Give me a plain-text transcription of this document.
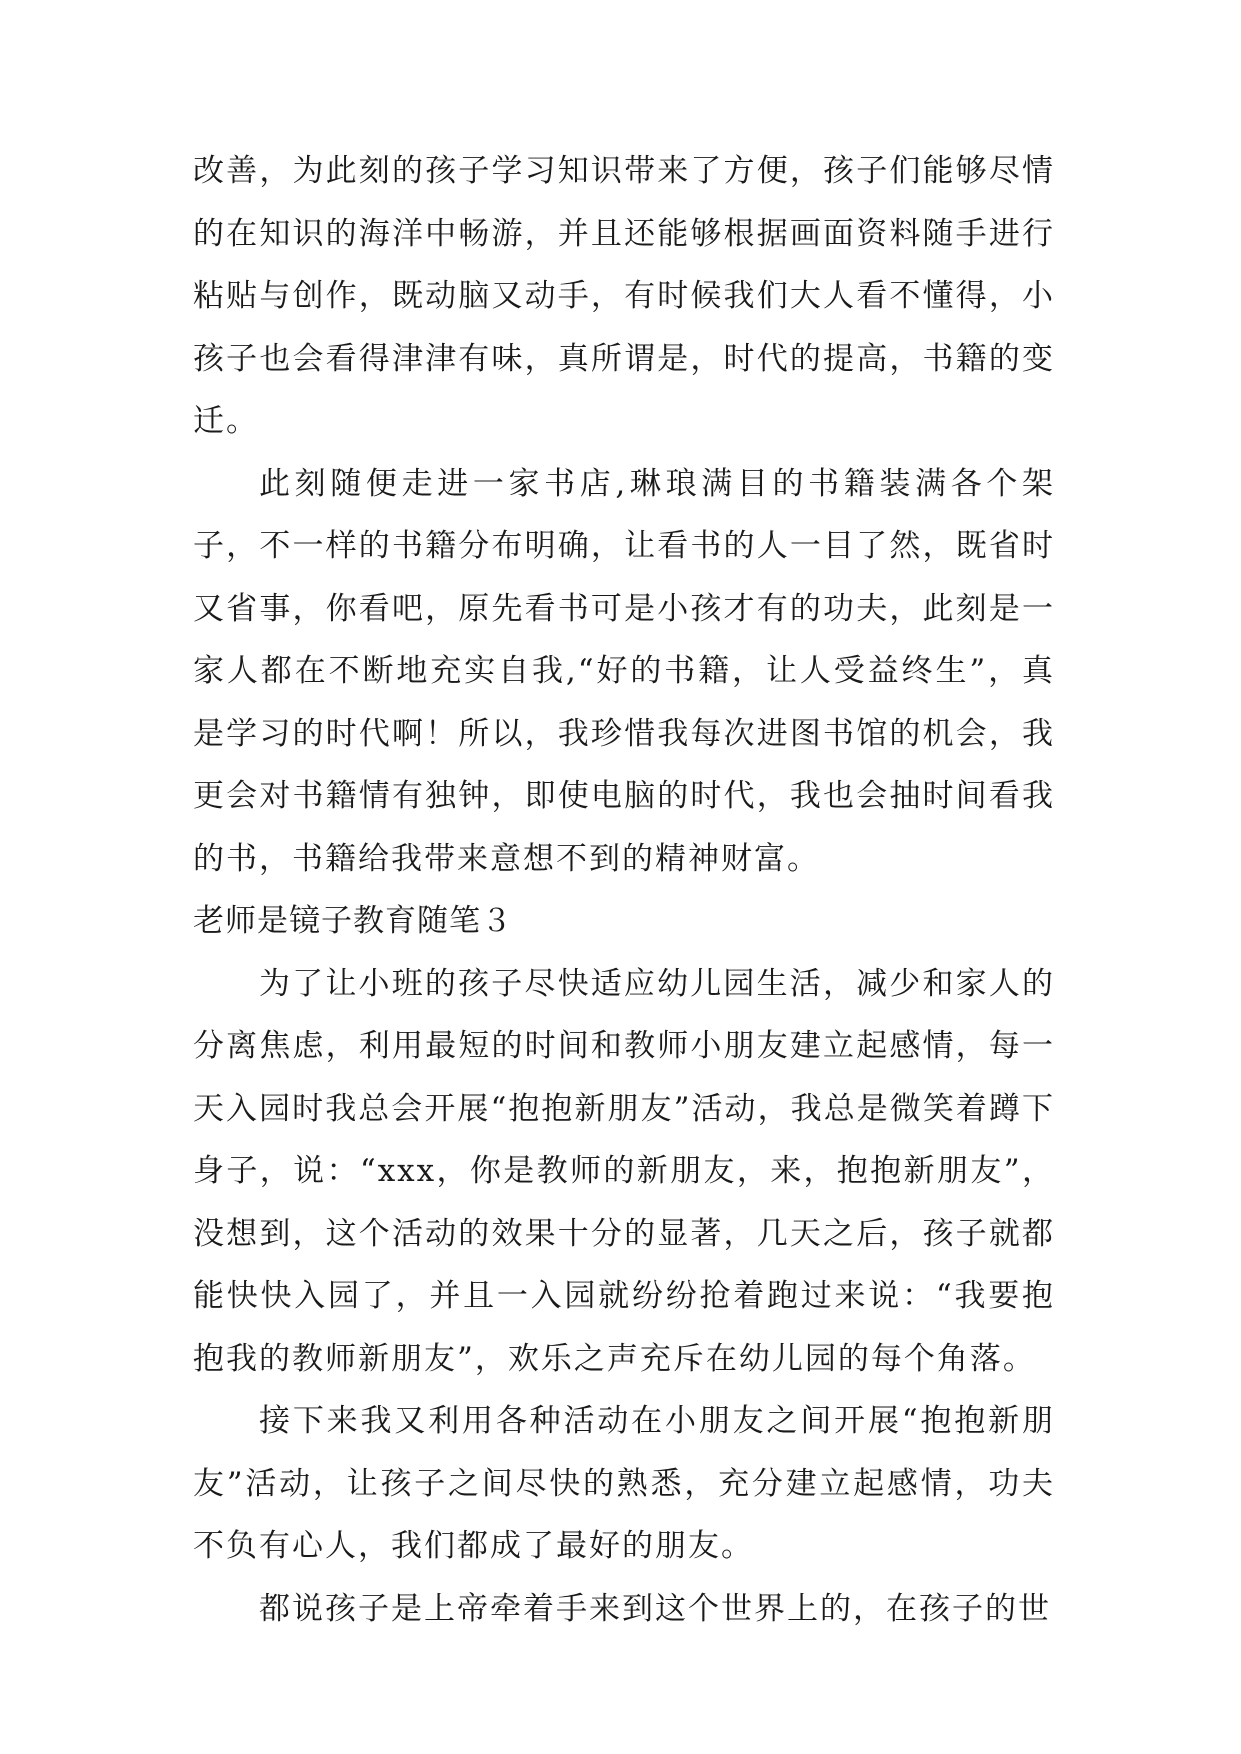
改善，为此刻的孩子学习知识带来了方便，孩子们能够尽情的在知识的海洋中畅游，并且还能够根据画面资料随手进行粘贴与创作，既动脑又动手，有时候我们大人看不懂得，小孩子也会看得津津有味，真所谓是，时代的提高，书籍的变迁。

此刻随便走进一家书店,琳琅满目的书籍装满各个架子，不一样的书籍分布明确，让看书的人一目了然，既省时又省事，你看吧，原先看书可是小孩才有的功夫，此刻是一家人都在不断地充实自我,“好的书籍，让人受益终生”，真是学习的时代啊！所以，我珍惜我每次进图书馆的机会，我更会对书籍情有独钟，即使电脑的时代，我也会抽时间看我的书，书籍给我带来意想不到的精神财富。

老师是镜子教育随笔３

为了让小班的孩子尽快适应幼儿园生活，减少和家人的分离焦虑，利用最短的时间和教师小朋友建立起感情，每一天入园时我总会开展“抱抱新朋友”活动，我总是微笑着蹲下身子，说：“xxx，你是教师的新朋友，来，抱抱新朋友”，没想到，这个活动的效果十分的显著，几天之后，孩子就都能快快入园了，并且一入园就纷纷抢着跑过来说：“我要抱抱我的教师新朋友”，欢乐之声充斥在幼儿园的每个角落。

接下来我又利用各种活动在小朋友之间开展“抱抱新朋友”活动，让孩子之间尽快的熟悉，充分建立起感情，功夫不负有心人，我们都成了最好的朋友。

都说孩子是上帝牵着手来到这个世界上的，在孩子的世
